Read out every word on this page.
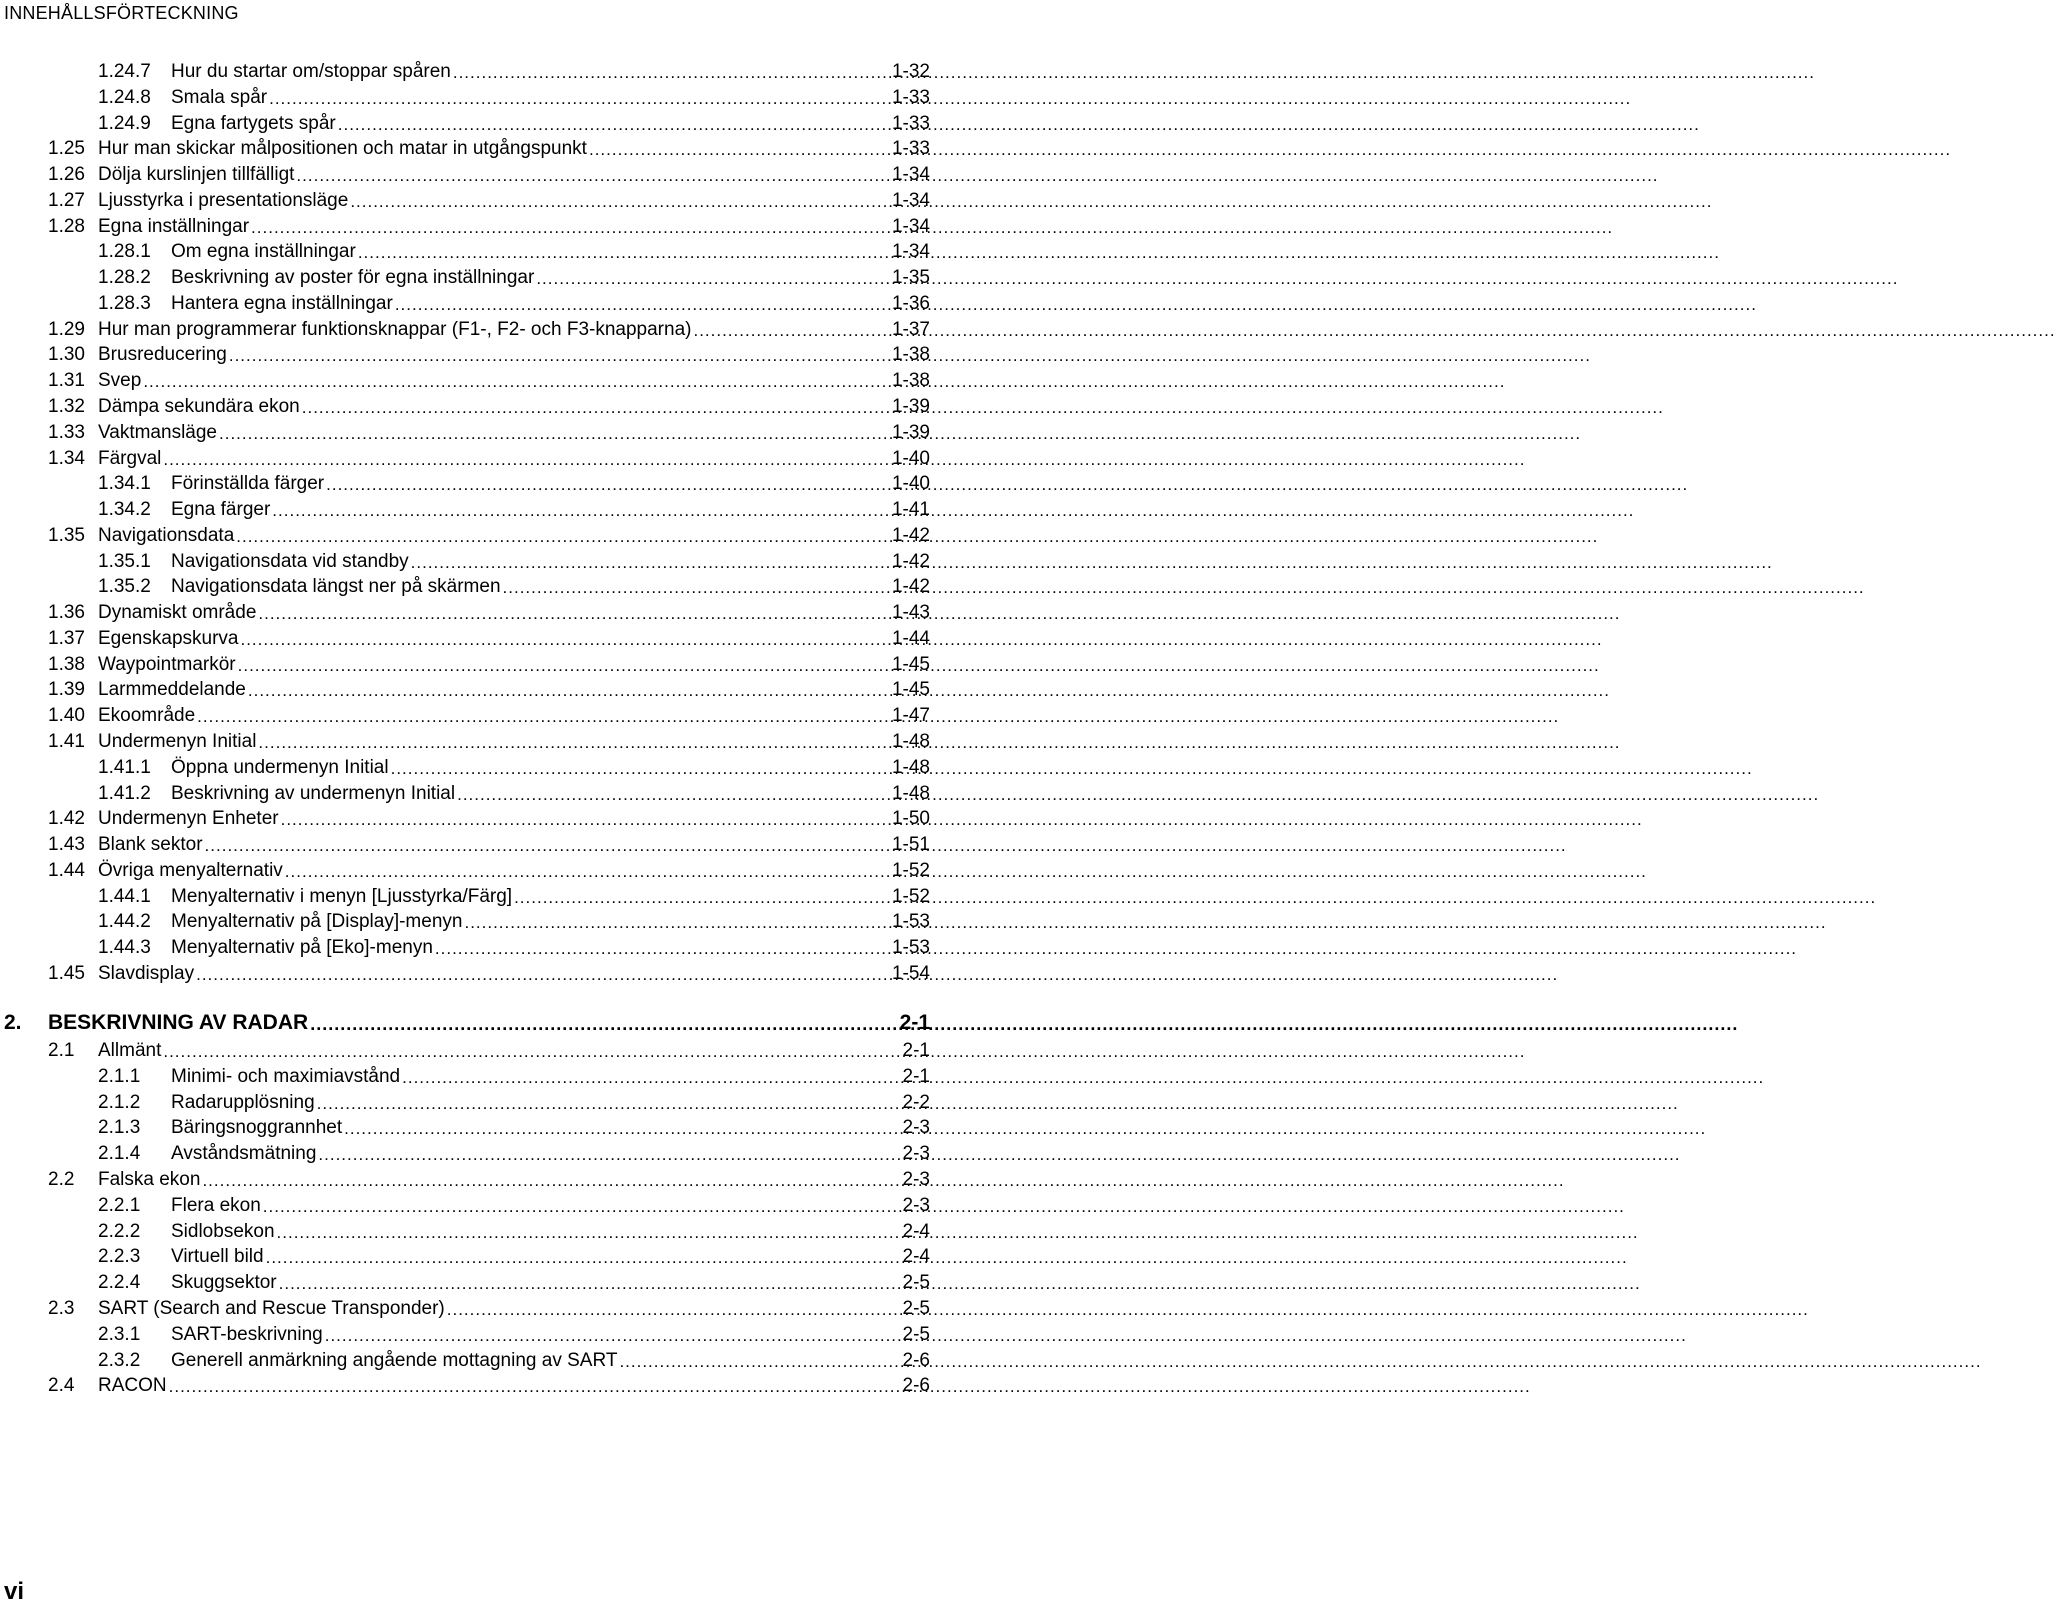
INNEHÅLLSFÖRTECKNING
1.24.7	Hur du startar om/stoppar spåren .....	1-32
1.24.8	Smala spår .....	1-33
1.24.9	Egna fartygets spår .....	1-33
1.25 Hur man skickar målpositionen och matar in utgångspunkt .....	1-33
1.26 Dölja kurslinjen tillfälligt .....	1-34
1.27 Ljusstyrka i presentationsläge .....	1-34
1.28 Egna inställningar .....	1-34
1.28.1	Om egna inställningar .....	1-34
1.28.2	Beskrivning av poster för egna inställningar .....	1-35
1.28.3	Hantera egna inställningar .....	1-36
1.29 Hur man programmerar funktionsknappar (F1-, F2- och F3-knapparna) .....	1-37
1.30 Brusreducering .....	1-38
1.31 Svep .....	1-38
1.32 Dämpa sekundära ekon .....	1-39
1.33 Vaktmansläge .....	1-39
1.34 Färgval .....	1-40
1.34.1	Förinställda färger .....	1-40
1.34.2	Egna färger .....	1-41
1.35 Navigationsdata .....	1-42
1.35.1	Navigationsdata vid standby .....	1-42
1.35.2	Navigationsdata längst ner på skärmen .....	1-42
1.36 Dynamiskt område .....	1-43
1.37 Egenskapskurva .....	1-44
1.38 Waypointmarkör .....	1-45
1.39 Larmmeddelande .....	1-45
1.40 Ekoområde .....	1-47
1.41 Undermenyn Initial .....	1-48
1.41.1	Öppna undermenyn Initial .....	1-48
1.41.2	Beskrivning av undermenyn Initial .....	1-48
1.42 Undermenyn Enheter .....	1-50
1.43 Blank sektor .....	1-51
1.44 Övriga menyalternativ .....	1-52
1.44.1	Menyalternativ i menyn [Ljusstyrka/Färg] .....	1-52
1.44.2	Menyalternativ på [Display]-menyn .....	1-53
1.44.3	Menyalternativ på [Eko]-menyn .....	1-53
1.45 Slavdisplay .....	1-54
2.	BESKRIVNING AV RADAR .....	2-1
2.1	Allmänt .....	2-1
2.1.1	Minimi- och maximiavstånd .....	2-1
2.1.2	Radarupplösning .....	2-2
2.1.3	Bäringsnoggrannhet .....	2-3
2.1.4	Avståndsmätning .....	2-3
2.2	Falska ekon .....	2-3
2.2.1	Flera ekon .....	2-3
2.2.2	Sidlobsekon .....	2-4
2.2.3	Virtuell bild .....	2-4
2.2.4	Skuggsektor .....	2-5
2.3	SART (Search and Rescue Transponder) .....	2-5
2.3.1	SART-beskrivning .....	2-5
2.3.2	Generell anmärkning angående mottagning av SART .....	2-6
2.4	RACON .....	2-6
vi
